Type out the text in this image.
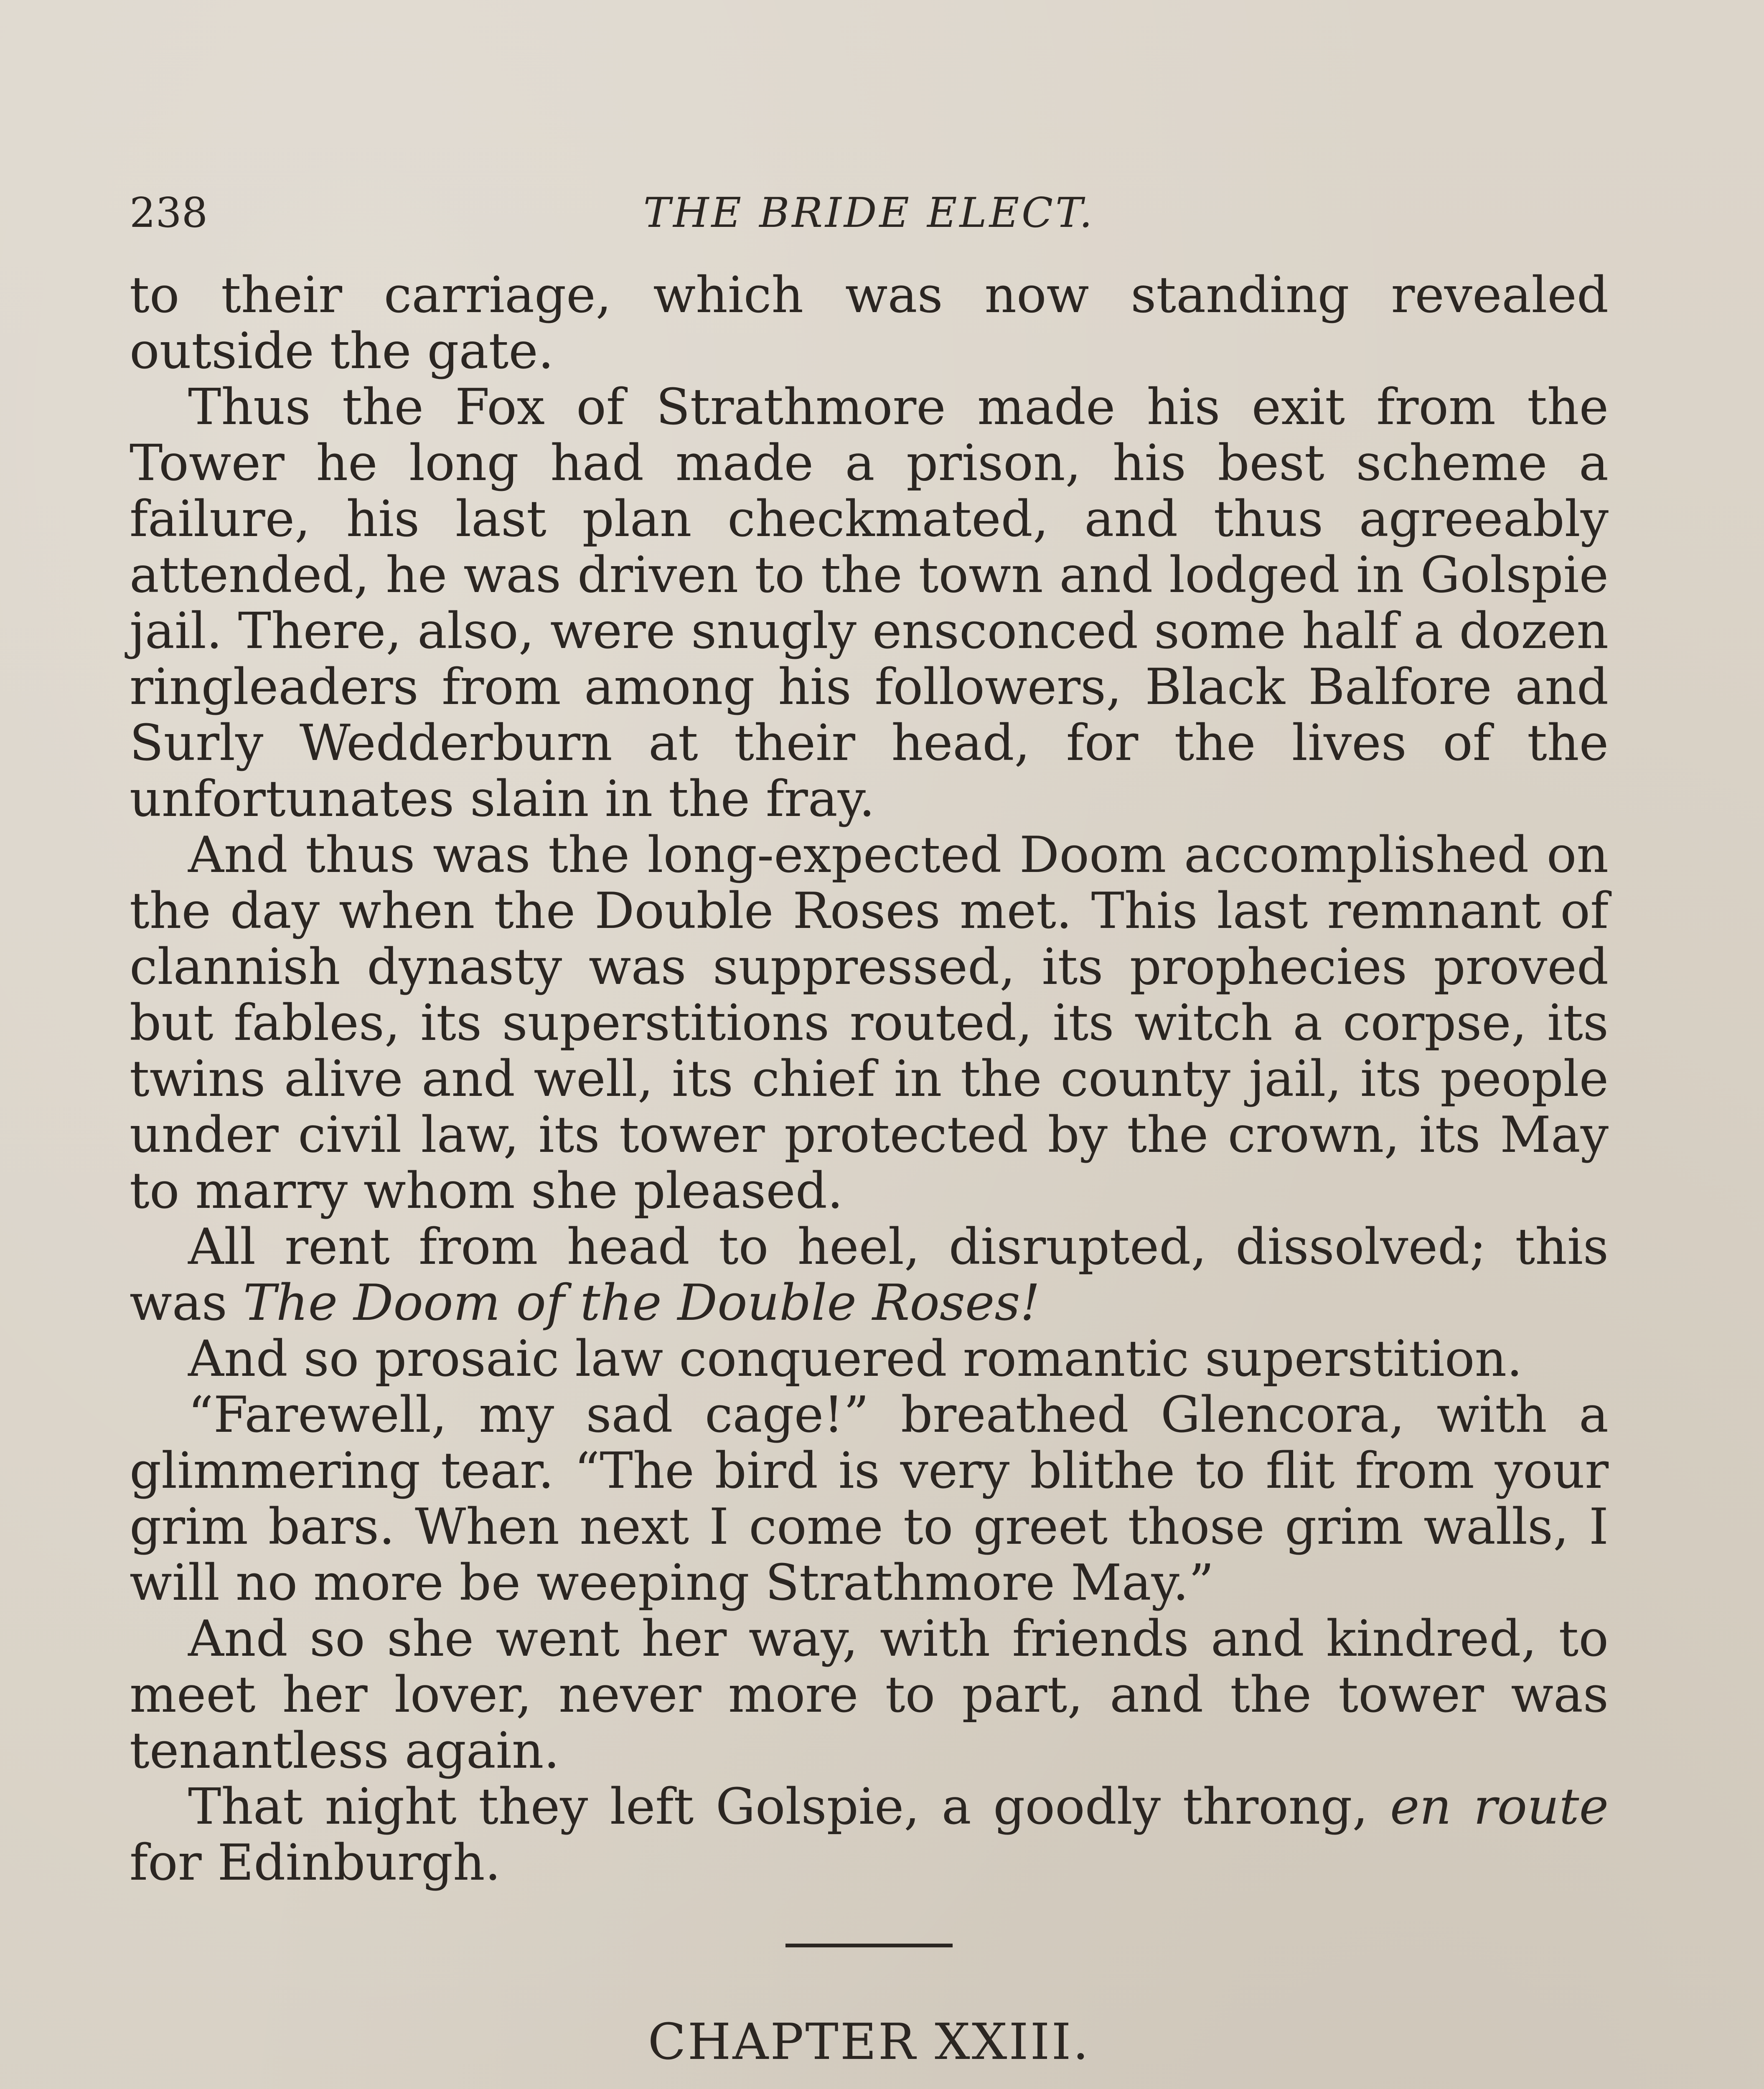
238	THE BRIDE ELECT.

to their carriage, which was now standing revealed outside the gate.

Thus the Fox of Strathmore made his exit from the Tower he long had made a prison, his best scheme a failure, his last plan checkmated, and thus agreeably attended, he was driven to the town and lodged in Golspie jail. There, also, were snugly ensconced some half a dozen ringleaders from among his followers, Black Balfore and Surly Wedderburn at their head, for the lives of the unfortunates slain in the fray.

And thus was the long-expected Doom accomplished on the day when the Double Roses met. This last remnant of clannish dynasty was suppressed, its prophecies proved but fables, its superstitions routed, its witch a corpse, its twins alive and well, its chief in the county jail, its people under civil law, its tower protected by the crown, its May to marry whom she pleased.

All rent from head to heel, disrupted, dissolved; this was The Doom of the Double Roses!

And so prosaic law conquered romantic superstition.

“Farewell, my sad cage!” breathed Glencora, with a glimmering tear. “The bird is very blithe to flit from your grim bars. When next I come to greet those grim walls, I will no more be weeping Strathmore May.”

And so she went her way, with friends and kindred, to meet her lover, never more to part, and the tower was tenantless again.

That night they left Golspie, a goodly throng, en route for Edinburgh.

CHAPTER XXIII.
